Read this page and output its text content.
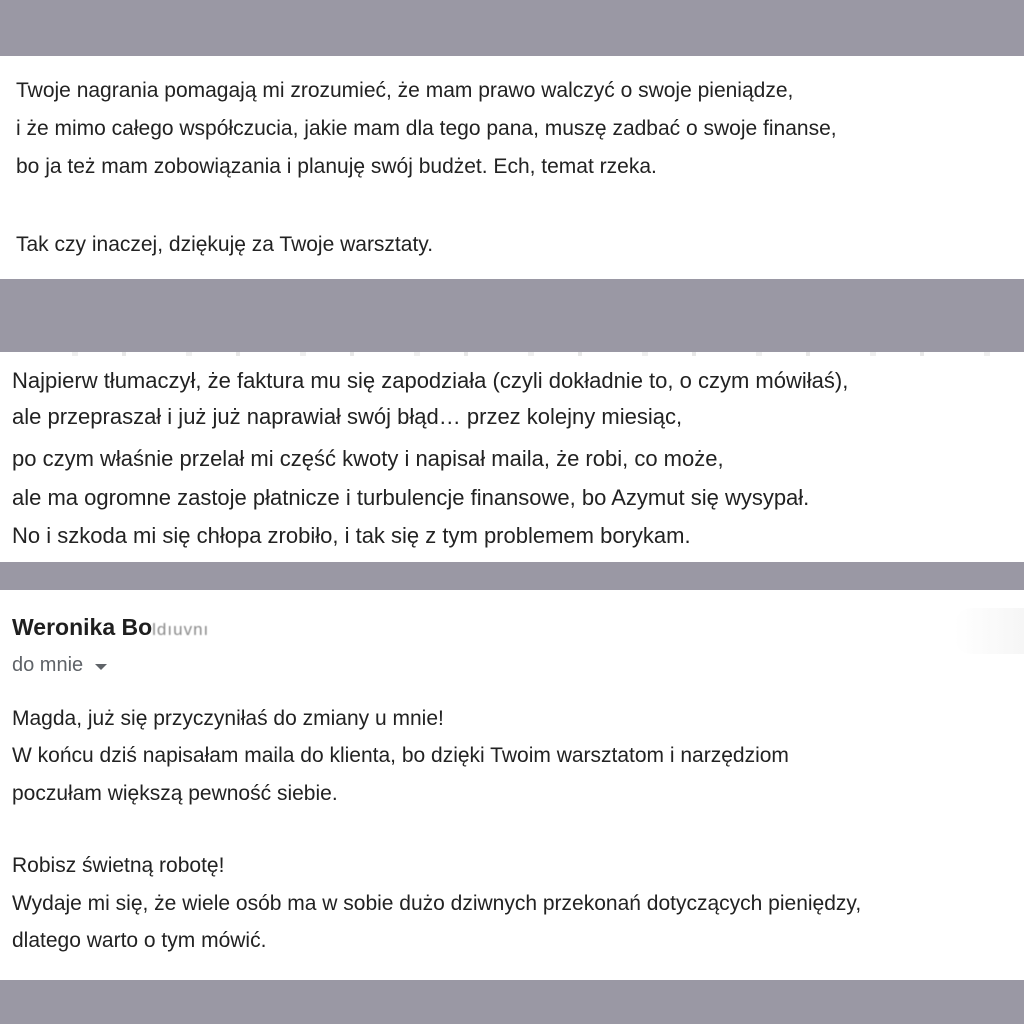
Twoje nagrania pomagają mi zrozumieć, że mam prawo walczyć o swoje pieniądze,
i że mimo całego współczucia, jakie mam dla tego pana, muszę zadbać o swoje finanse,
bo ja też mam zobowiązania i planuję swój budżet. Ech, temat rzeka.
Tak czy inaczej, dziękuję za Twoje warsztaty.
Najpierw tłumaczył, że faktura mu się zapodziała (czyli dokładnie to, o czym mówiłaś),
ale przepraszał i już już naprawiał swój błąd… przez kolejny miesiąc,
po czym właśnie przelał mi część kwoty i napisał maila, że robi, co może,
ale ma ogromne zastoje płatnicze i turbulencje finansowe, bo Azymut się wysypał.
No i szkoda mi się chłopa zrobiło, i tak się z tym problemem borykam.
Weronika Boldıuvnı
do mnie
Magda, już się przyczyniłaś do zmiany u mnie!
W końcu dziś napisałam maila do klienta, bo dzięki Twoim warsztatom i narzędziom
poczułam większą pewność siebie.
Robisz świetną robotę!
Wydaje mi się, że wiele osób ma w sobie dużo dziwnych przekonań dotyczących pieniędzy,
dlatego warto o tym mówić.
